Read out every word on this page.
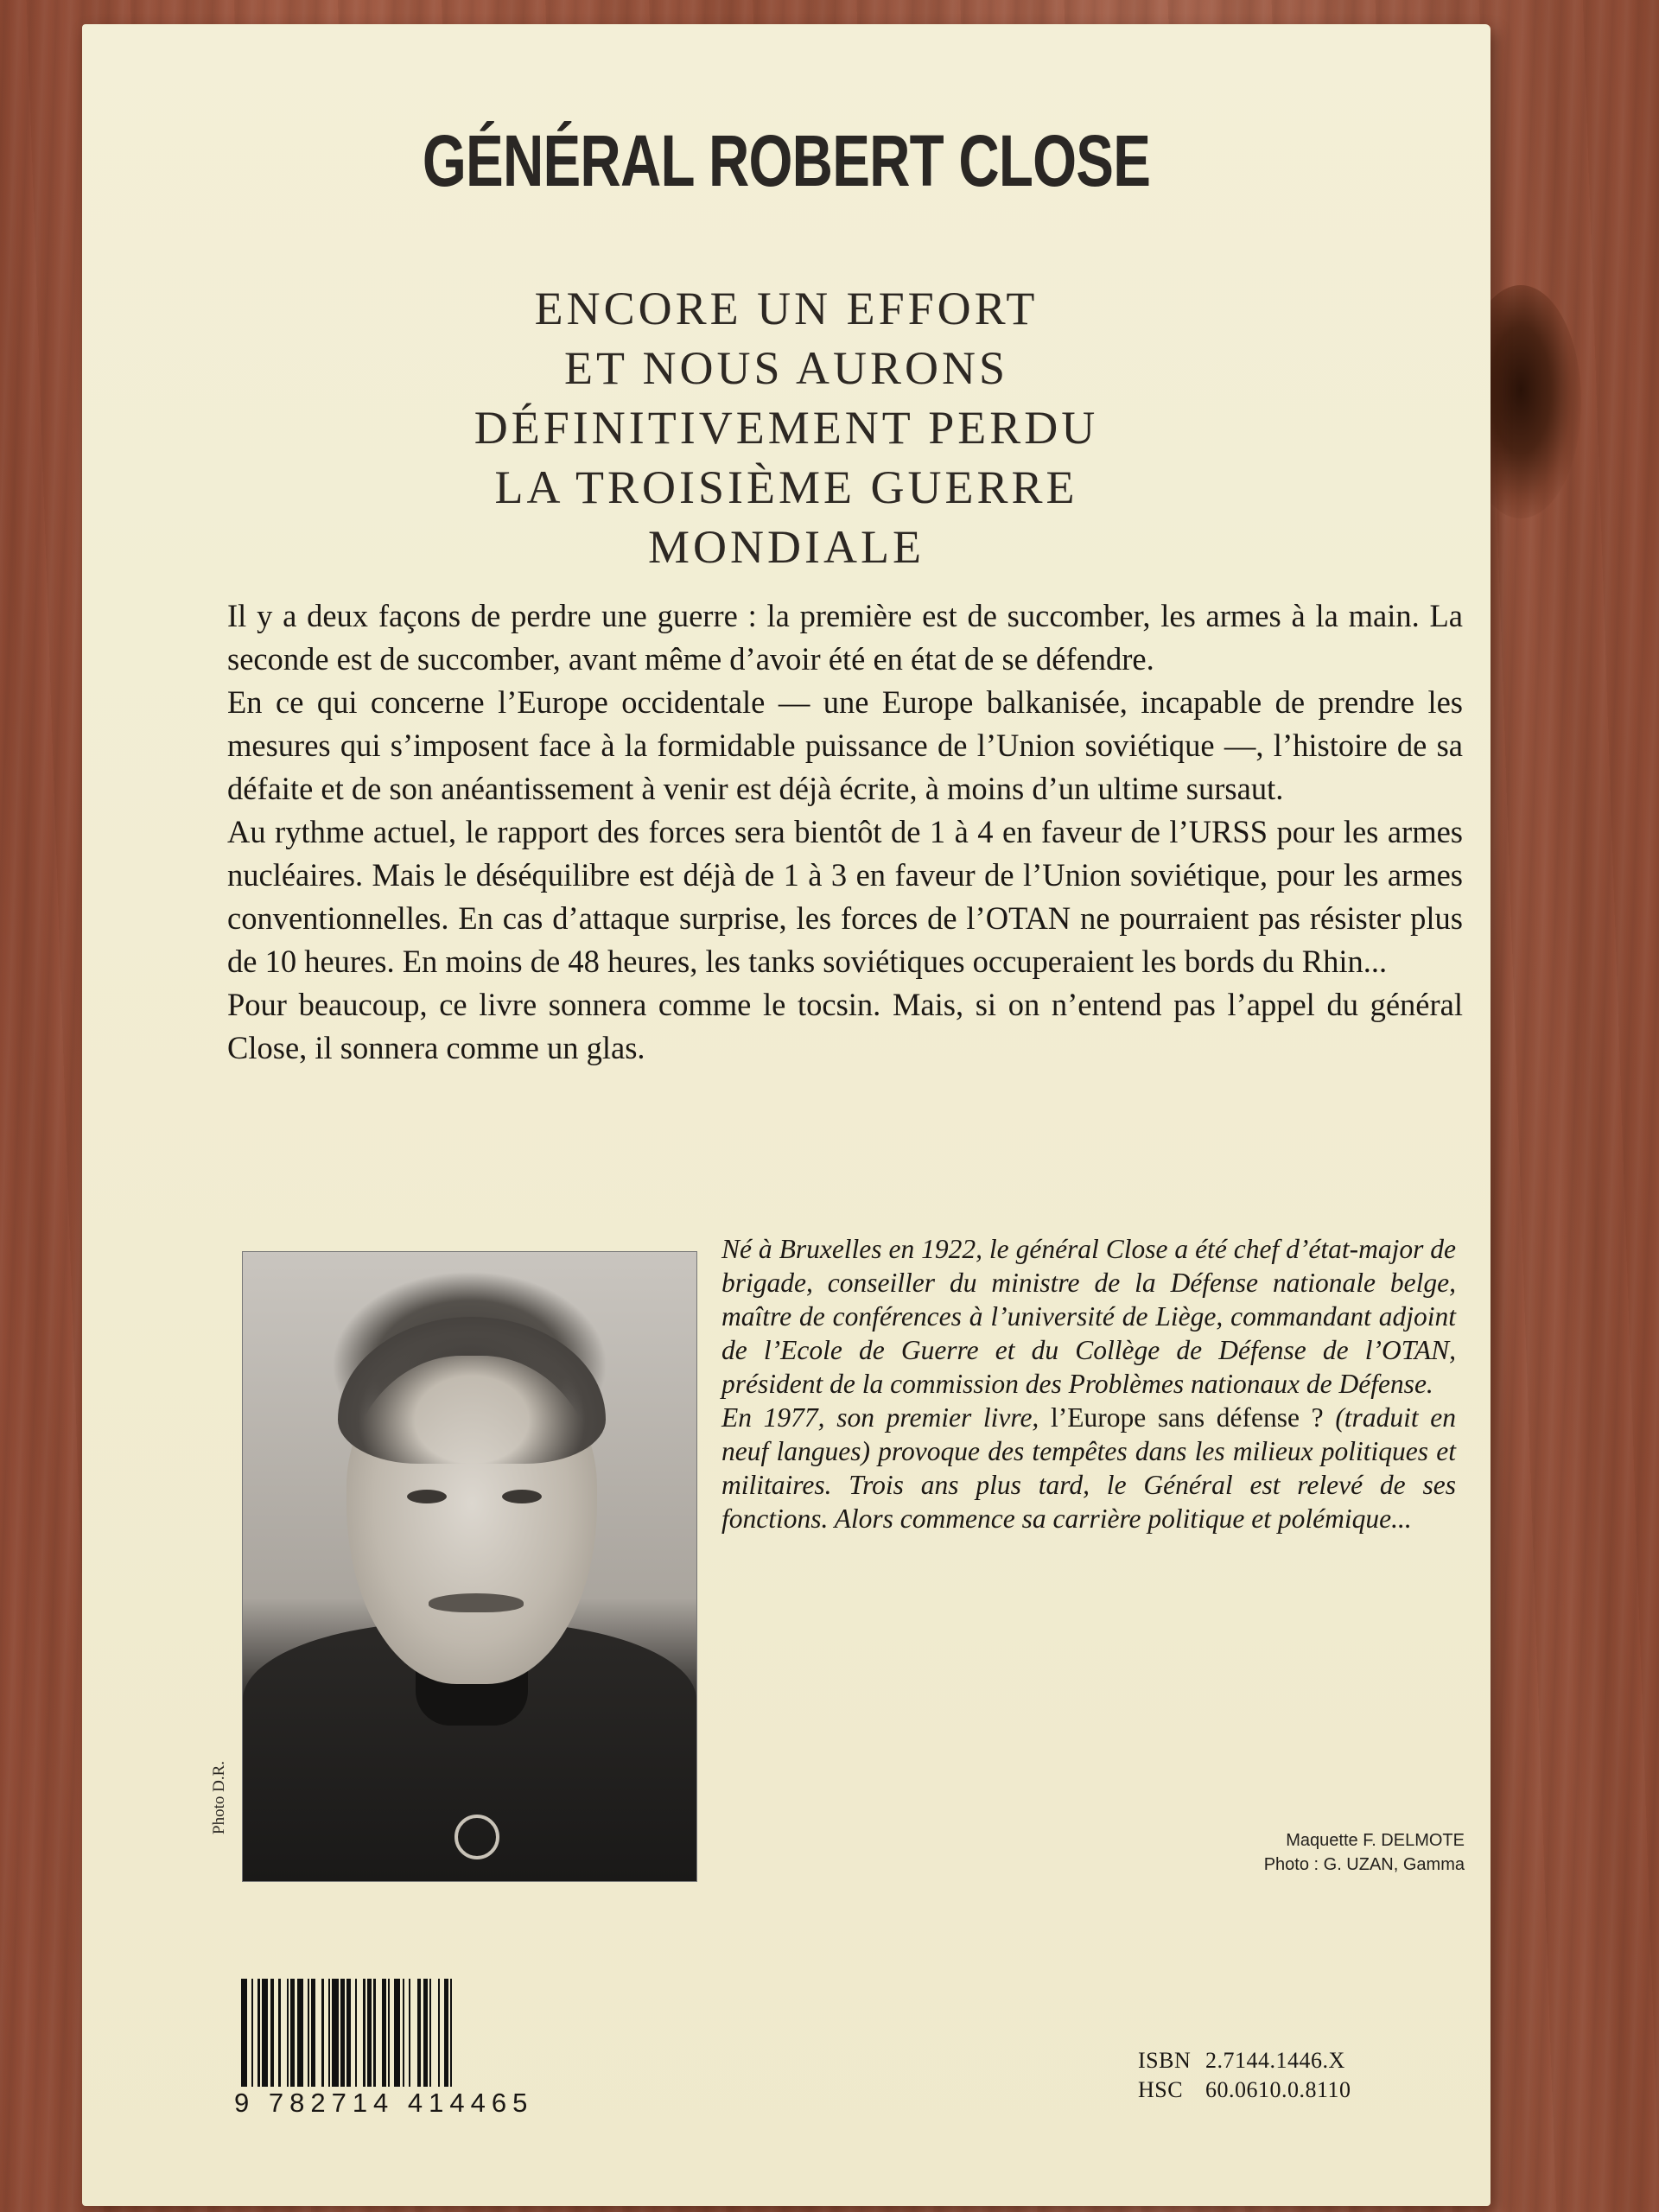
GÉNÉRAL ROBERT CLOSE
ENCORE UN EFFORT
ET NOUS AURONS
DÉFINITIVEMENT PERDU
LA TROISIÈME GUERRE
MONDIALE

Il y a deux façons de perdre une guerre : la première est de succomber, les armes à la main. La seconde est de succomber, avant même d’avoir été en état de se défendre.

En ce qui concerne l’Europe occidentale — une Europe balkanisée, incapable de prendre les mesures qui s’imposent face à la formidable puissance de l’Union soviétique —, l’histoire de sa défaite et de son anéantissement à venir est déjà écrite, à moins d’un ultime sursaut.

Au rythme actuel, le rapport des forces sera bientôt de 1 à 4 en faveur de l’URSS pour les armes nucléaires. Mais le déséquilibre est déjà de 1 à 3 en faveur de l’Union soviétique, pour les armes conventionnelles. En cas d’attaque surprise, les forces de l’OTAN ne pourraient pas résister plus de 10 heures. En moins de 48 heures, les tanks soviétiques occuperaient les bords du Rhin...

Pour beaucoup, ce livre sonnera comme le tocsin. Mais, si on n’entend pas l’appel du général Close, il sonnera comme un glas.

Photo D.R.

Né à Bruxelles en 1922, le général Close a été chef d’état-major de brigade, conseiller du ministre de la Défense nationale belge, maître de conférences à l’université de Liège, commandant adjoint de l’Ecole de Guerre et du Collège de Défense de l’OTAN, président de la commission des Problèmes nationaux de Défense.

En 1977, son premier livre, l’Europe sans défense ? (traduit en neuf langues) provoque des tempêtes dans les milieux politiques et militaires. Trois ans plus tard, le Général est relevé de ses fonctions. Alors commence sa carrière politique et polémique...

Maquette F. DELMOTE
Photo : G. UZAN, Gamma
9 782714 414465
ISBN 2.7144.1446.X
HSC 60.0610.0.8110
